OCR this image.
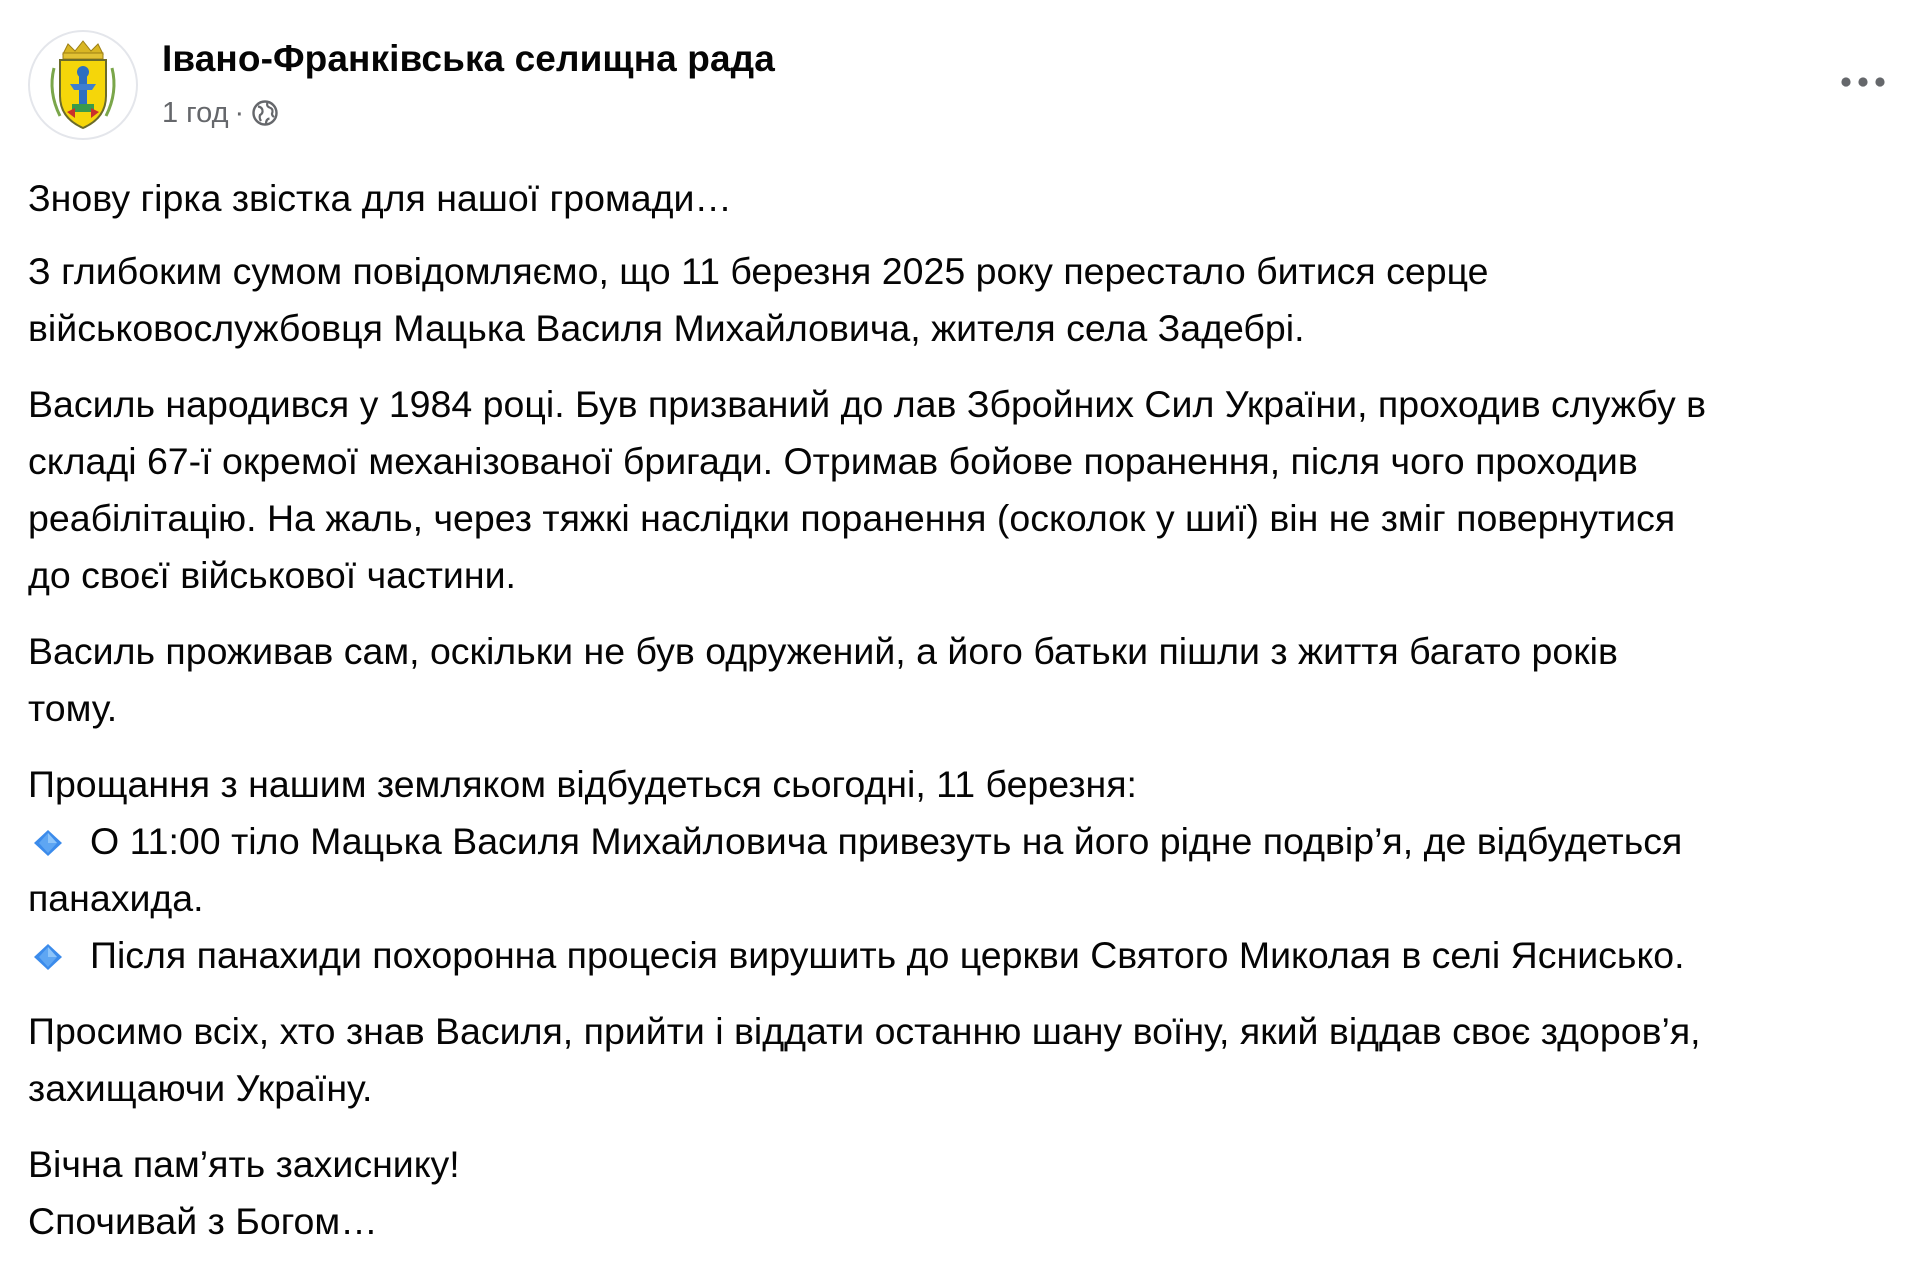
Івано-Франківська селищна рада
1 год ·

Знову гірка звістка для нашої громади…

З глибоким сумом повідомляємо, що 11 березня 2025 року перестало битися серце
військовослужбовця Мацька Василя Михайловича, жителя села Задебрі.

Василь народився у 1984 році. Був призваний до лав Збройних Сил України, проходив службу в
складі 67-ї окремої механізованої бригади. Отримав бойове поранення, після чого проходив
реабілітацію. На жаль, через тяжкі наслідки поранення (осколок у шиї) він не зміг повернутися
до своєї військової частини.

Василь проживав сам, оскільки не був одружений, а його батьки пішли з життя багато років
тому.

Прощання з нашим земляком відбудеться сьогодні, 11 березня:
О 11:00 тіло Мацька Василя Михайловича привезуть на його рідне подвір’я, де відбудеться
панахида.
Після панахиди похоронна процесія вирушить до церкви Святого Миколая в селі Яснисько.

Просимо всіх, хто знав Василя, прийти і віддати останню шану воїну, який віддав своє здоров’я,
захищаючи Україну.

Вічна пам’ять захиснику!
Спочивай з Богом…
